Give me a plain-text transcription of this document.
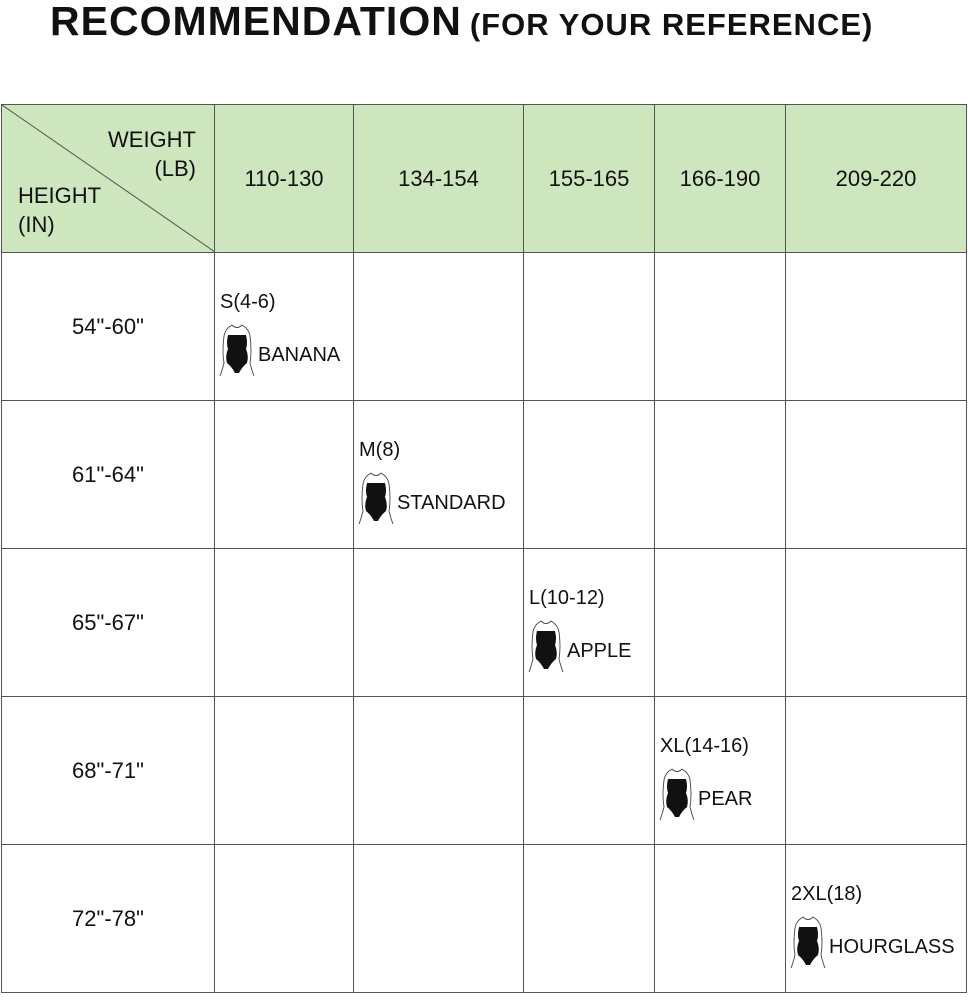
RECOMMENDATION (FOR YOUR REFERENCE)
WEIGHT
(LB)
HEIGHT
(IN)	110-130	134-154	155-165	166-190	209-220
54"-60"	S(4-6)
BANANA				

61"-64"		M(8)
STANDARD			

65"-67"			L(10-12)
APPLE		

68"-71"				XL(14-16)
PEAR	

72"-78"					2XL(18)
HOURGLASS
